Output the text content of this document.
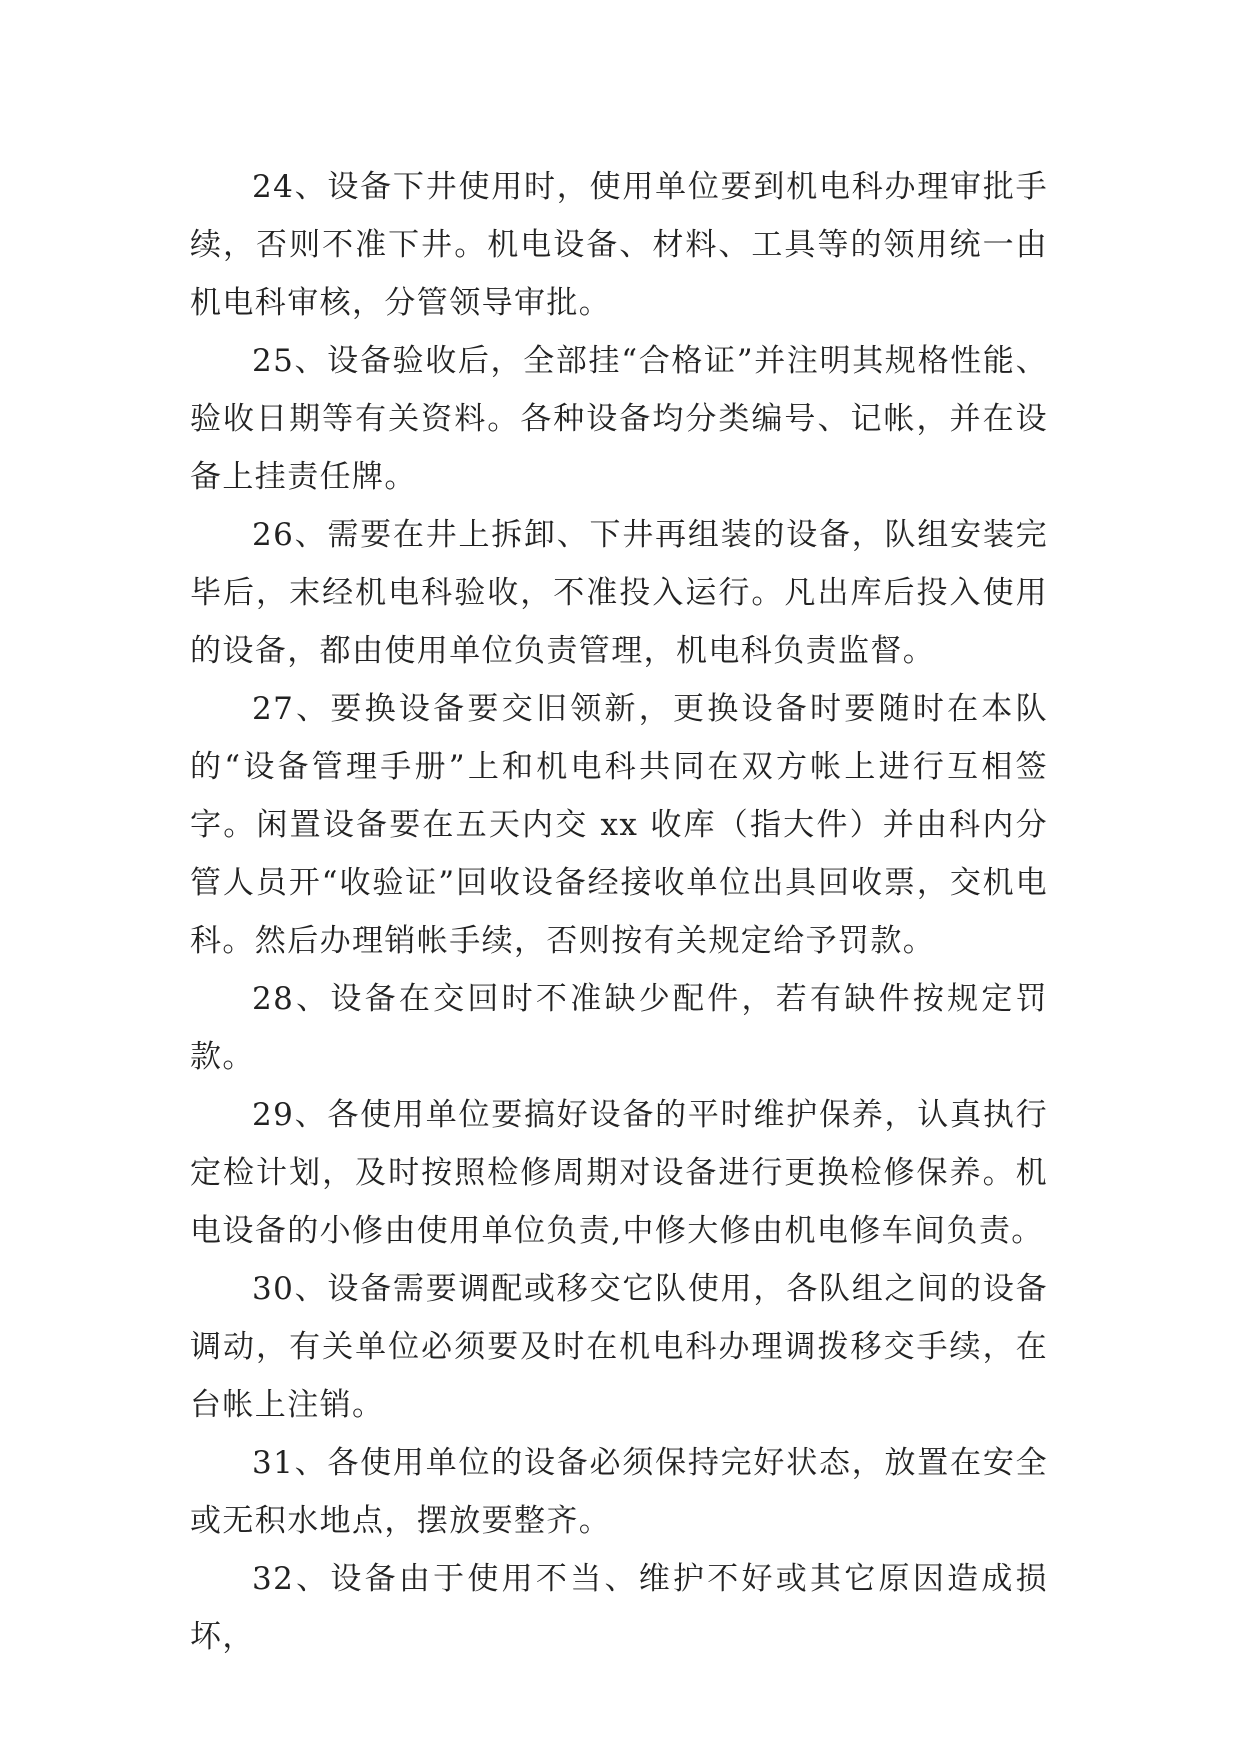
24、设备下井使用时，使用单位要到机电科办理审批手续，否则不准下井。机电设备、材料、工具等的领用统一由机电科审核，分管领导审批。

25、设备验收后，全部挂“合格证”并注明其规格性能、验收日期等有关资料。各种设备均分类编号、记帐，并在设备上挂责任牌。

26、需要在井上拆卸、下井再组装的设备，队组安装完毕后，末经机电科验收，不准投入运行。凡出库后投入使用的设备，都由使用单位负责管理，机电科负责监督。

27、要换设备要交旧领新，更换设备时要随时在本队的“设备管理手册”上和机电科共同在双方帐上进行互相签字。闲置设备要在五天内交 xx 收库（指大件）并由科内分管人员开“收验证”回收设备经接收单位出具回收票，交机电科。然后办理销帐手续，否则按有关规定给予罚款。

28、设备在交回时不准缺少配件，若有缺件按规定罚款。

29、各使用单位要搞好设备的平时维护保养，认真执行定检计划，及时按照检修周期对设备进行更换检修保养。机电设备的小修由使用单位负责,中修大修由机电修车间负责。

30、设备需要调配或移交它队使用，各队组之间的设备调动，有关单位必须要及时在机电科办理调拨移交手续，在台帐上注销。

31、各使用单位的设备必须保持完好状态，放置在安全或无积水地点，摆放要整齐。

32、设备由于使用不当、维护不好或其它原因造成损坏，
